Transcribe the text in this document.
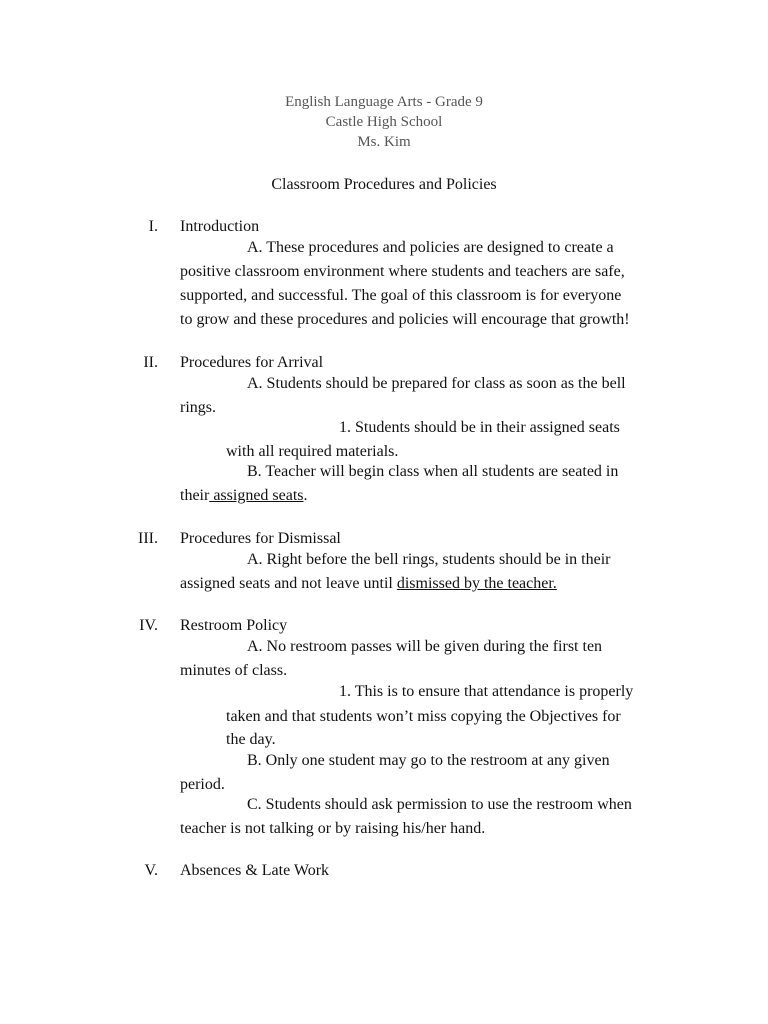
English Language Arts - Grade 9
Castle High School
Ms. Kim
Classroom Procedures and Policies
I. Introduction
A. These procedures and policies are designed to create a
positive classroom environment where students and teachers are safe,
supported, and successful. The goal of this classroom is for everyone
to grow and these procedures and policies will encourage that growth!
II. Procedures for Arrival
A. Students should be prepared for class as soon as the bell
rings.
1. Students should be in their assigned seats
with all required materials.
B. Teacher will begin class when all students are seated in
their assigned seats.
III. Procedures for Dismissal
A. Right before the bell rings, students should be in their
assigned seats and not leave until dismissed by the teacher.
IV. Restroom Policy
A. No restroom passes will be given during the first ten
minutes of class.
1. This is to ensure that attendance is properly
taken and that students won’t miss copying the Objectives for
the day.
B. Only one student may go to the restroom at any given
period.
C. Students should ask permission to use the restroom when
teacher is not talking or by raising his/her hand.
V. Absences & Late Work
